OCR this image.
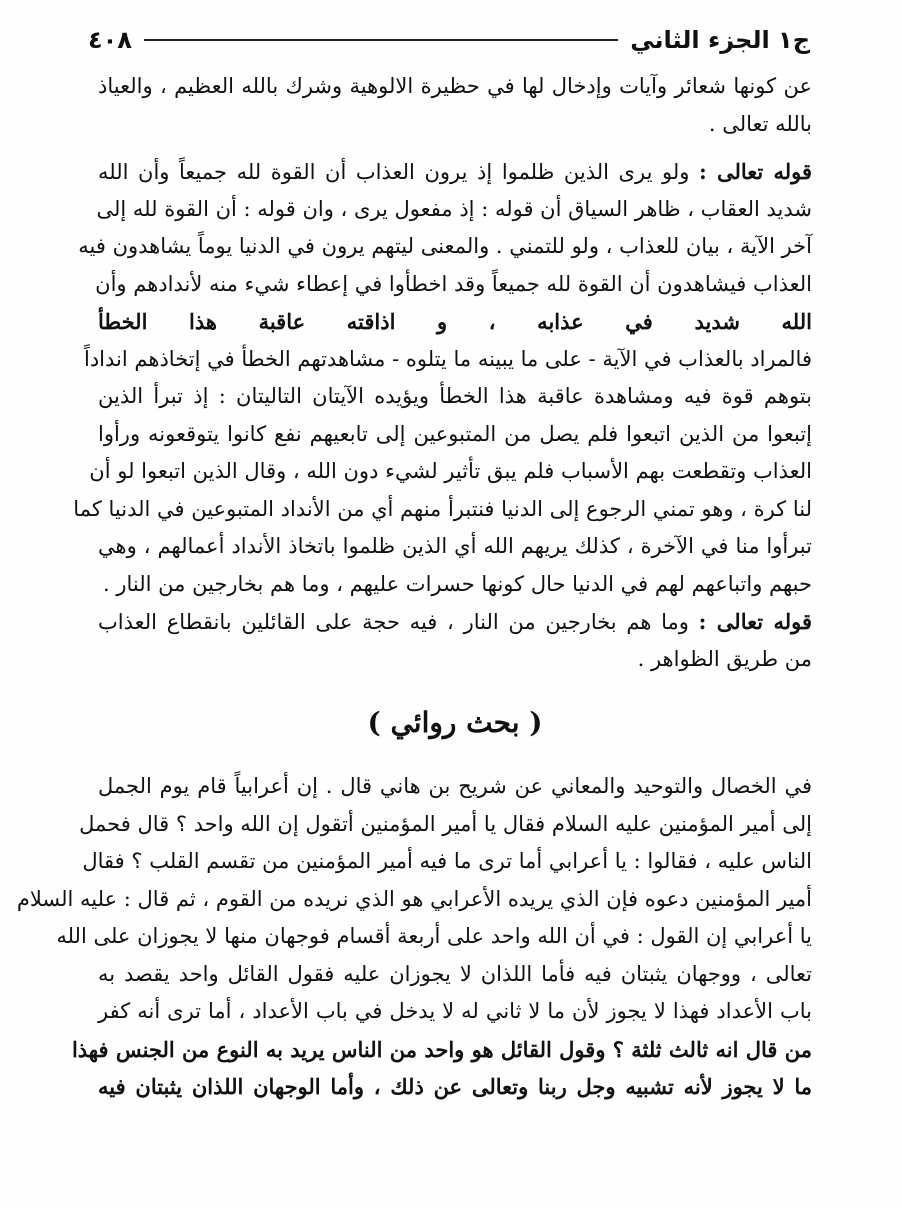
ج١ الجزء الثاني
٤٠٨
عن كونها شعائر وآيات وإدخال لها في حظيرة الالوهية وشرك بالله العظيم ، والعياذ
بالله تعالى .
قوله تعالى : ولو يرى الذين ظلموا إذ يرون العذاب أن القوة لله جميعاً وأن الله
شديد العقاب ، ظاهر السياق أن قوله : إذ مفعول يرى ، وان قوله : أن القوة لله إلى
آخر الآية ، بيان للعذاب ، ولو للتمني . والمعنى ليتهم يرون في الدنيا يوماً يشاهدون فيه
العذاب فيشاهدون أن القوة لله جميعاً وقد اخطأوا في إعطاء شيء منه لأندادهم وأن
الله شديد في عذابه ، و اذاقته عاقبة هذا الخطأ
فالمراد بالعذاب في الآية - على ما يبينه ما يتلوه - مشاهدتهم الخطأ في إتخاذهم انداداً
بتوهم قوة فيه ومشاهدة عاقبة هذا الخطأ ويؤيده الآيتان التاليتان : إذ تبرأ الذين
إتبعوا من الذين اتبعوا فلم يصل من المتبوعين إلى تابعيهم نفع كانوا يتوقعونه ورأوا
العذاب وتقطعت بهم الأسباب فلم يبق تأثير لشيء دون الله ، وقال الذين اتبعوا لو أن
لنا كرة ، وهو تمني الرجوع إلى الدنيا فنتبرأ منهم أي من الأنداد المتبوعين في الدنيا كما
تبرأوا منا في الآخرة ، كذلك يريهم الله أي الذين ظلموا باتخاذ الأنداد أعمالهم ، وهي
حبهم واتباعهم لهم في الدنيا حال كونها حسرات عليهم ، وما هم بخارجين من النار .
قوله تعالى : وما هم بخارجين من النار ، فيه حجة على القائلين بانقطاع العذاب
من طريق الظواهر .
( بحث روائي )
في الخصال والتوحيد والمعاني عن شريح بن هاني قال . إن أعرابياً قام يوم الجمل
إلى أمير المؤمنين عليه السلام فقال يا أمير المؤمنين أتقول إن الله واحد ؟ قال فحمل
الناس عليه ، فقالوا : يا أعرابي أما ترى ما فيه أمير المؤمنين من تقسم القلب ؟ فقال
أمير المؤمنين دعوه فإن الذي يريده الأعرابي هو الذي نريده من القوم ، ثم قال : عليه السلام
يا أعرابي إن القول : في أن الله واحد على أربعة أقسام فوجهان منها لا يجوزان على الله
تعالى ، ووجهان يثبتان فيه فأما اللذان لا يجوزان عليه فقول القائل واحد يقصد به
باب الأعداد فهذا لا يجوز لأن ما لا ثاني له لا يدخل في باب الأعداد ، أما ترى أنه كفر
من قال انه ثالث ثلثة ؟ وقول القائل هو واحد من الناس يريد به النوع من الجنس فهذا
ما لا يجوز لأنه تشبيه وجل ربنا وتعالى عن ذلك ، وأما الوجهان اللذان يثبتان فيه
